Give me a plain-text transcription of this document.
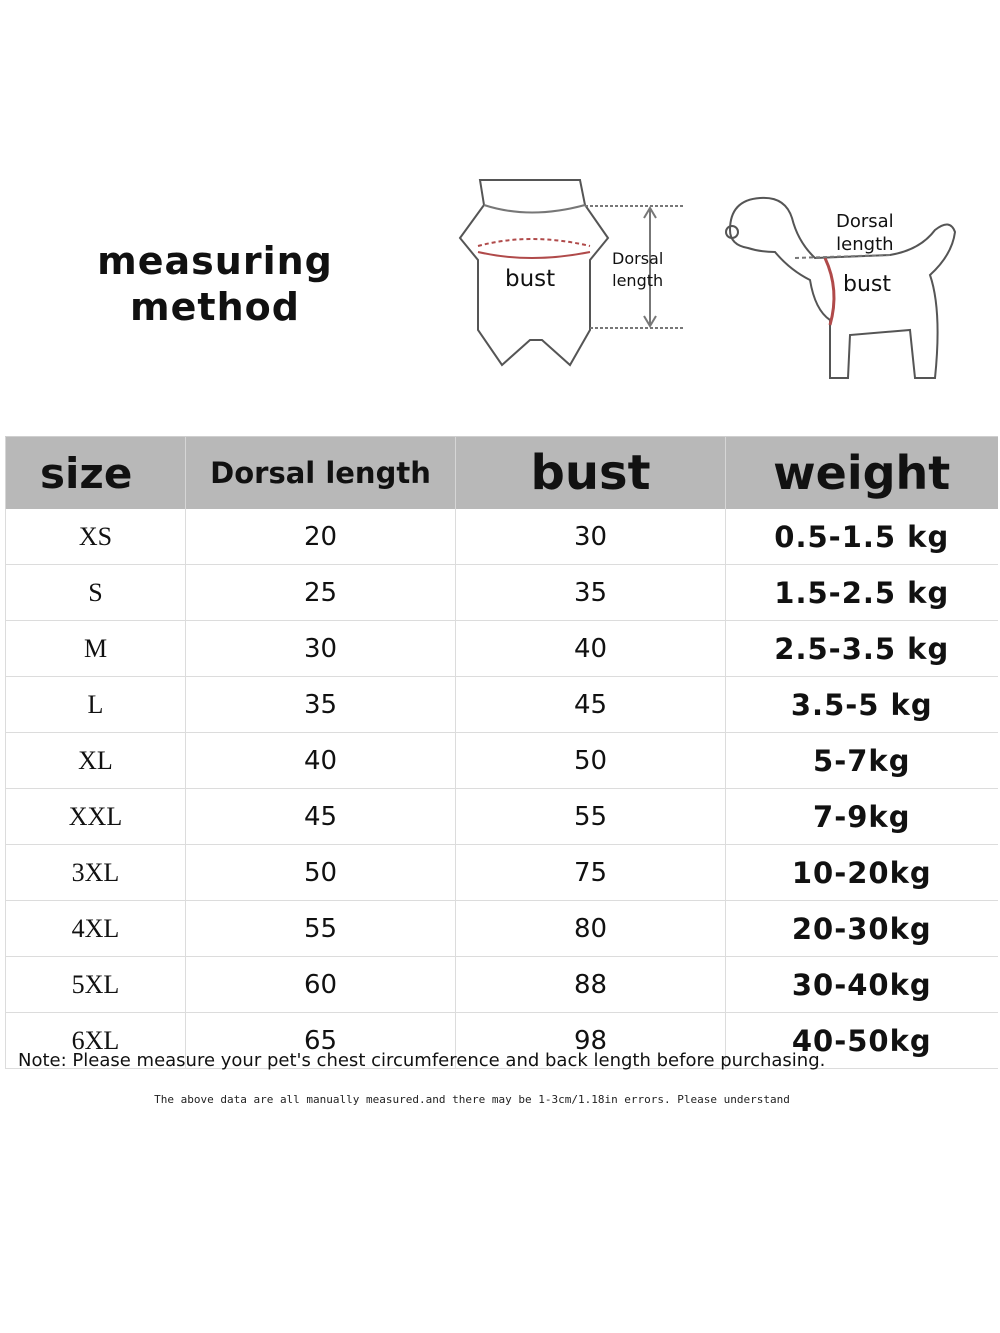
measuring
method
bust
Dorsal
length
Dorsal
length
bust
size	Dorsal length	bust	weight
XS	20	30	0.5-1.5 kg
S	25	35	1.5-2.5 kg
M	30	40	2.5-3.5 kg
L	35	45	3.5-5 kg
XL	40	50	5-7kg
XXL	45	55	7-9kg
3XL	50	75	10-20kg
4XL	55	80	20-30kg
5XL	60	88	30-40kg
6XL	65	98	40-50kg
Note: Please measure your pet's chest circumference and back length before purchasing.
The above data are all manually measured.and there may be 1-3cm/1.18in errors. Please understand
